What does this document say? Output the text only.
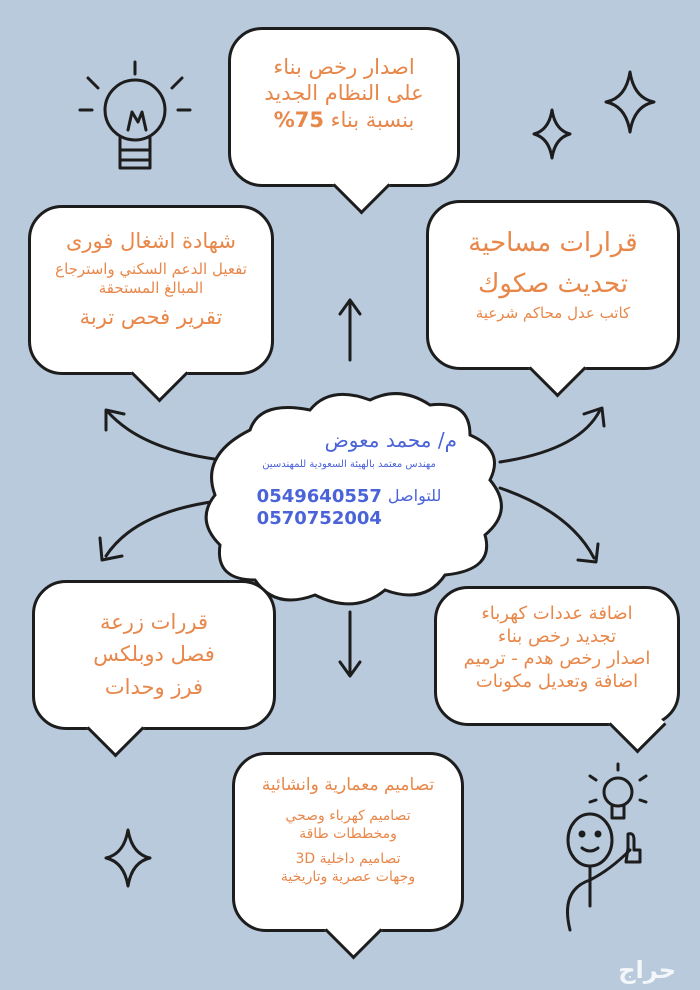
اصدار رخص بناء
على النظام الجديد
بنسبة بناء 75%
شهادة اشغال فورى
تفعيل الدعم السكني واسترجاع
المبالغ المستحقة
تقرير فحص تربة
قرارات مساحية
تحديث صكوك
كاتب عدل محاكم شرعية
م/ محمد معوض
مهندس معتمد بالهيئة السعودية للمهندسين
للتواصل
0549640557
0570752004
قررات زرعة
فصل دوبلكس
فرز وحدات
اضافة عددات كهرباء
تجديد رخص بناء
اصدار رخص هدم - ترميم
اضافة وتعديل مكونات
تصاميم معمارية وانشائية
تصاميم كهرباء وصحي
ومخططات طاقة
تصاميم داخلية 3D
وجهات عصرية وتاريخية
حراج
